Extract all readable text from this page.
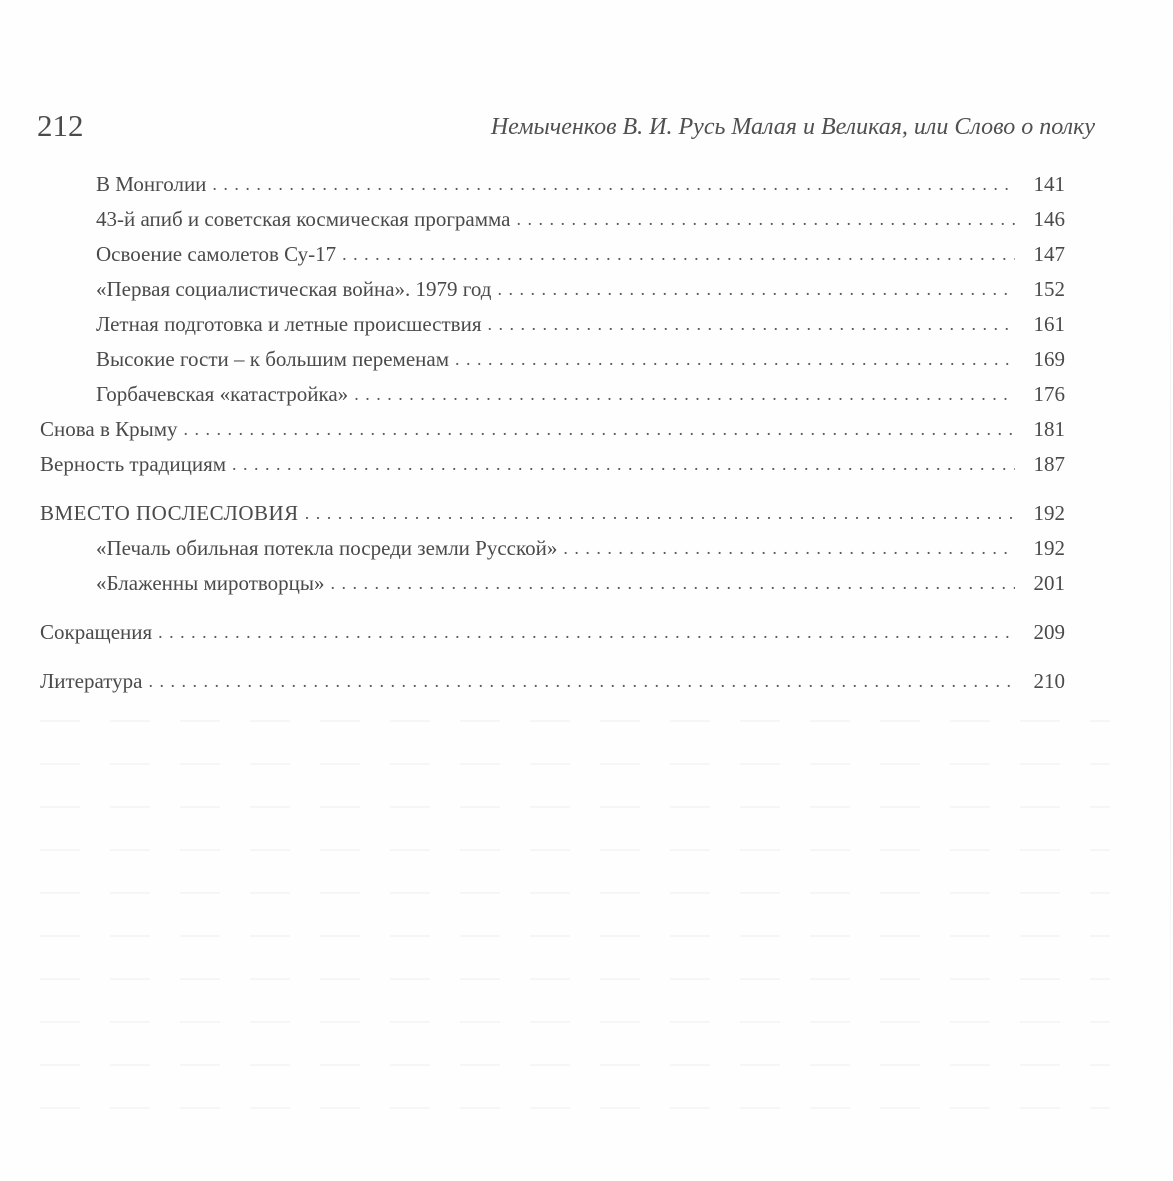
212	Немыченков В. И. Русь Малая и Великая, или Слово о полку
В Монголии . . .	141
43-й апиб и советская космическая программа . . .	146
Освоение самолетов Су-17 . . .	147
«Первая социалистическая война». 1979 год . . .	152
Летная подготовка и летные происшествия . . .	161
Высокие гости – к большим переменам . . .	169
Горбачевская «катастройка» . . .	176
Снова в Крыму . . .	181
Верность традициям . . .	187
ВМЕСТО ПОСЛЕСЛОВИЯ . . .	192
«Печаль обильная потекла посреди земли Русской» . . .	192
«Блаженны миротворцы» . . .	201
Сокращения . . .	209
Литература . . .	210
